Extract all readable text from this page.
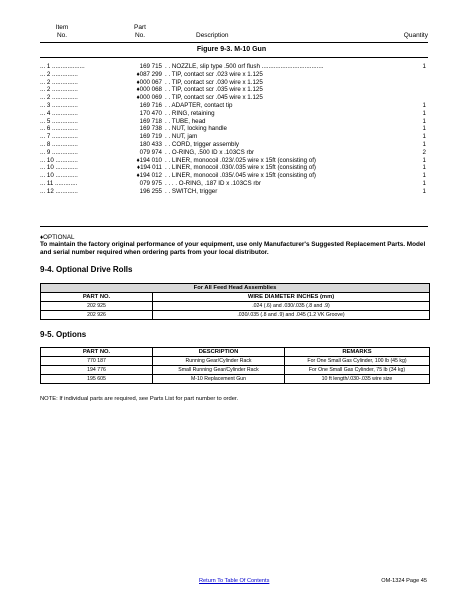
Item
No.
Part
No.	Description	Quantity
Figure 9-3. M-10 Gun
... 1 ...................	169 715 . . NOZZLE, slip type .500 orf flush ....................................	1
... 2 ...............	♦087 299 . . TIP, contact scr .023 wire x 1.125
... 2 ...............	♦000 067 . . TIP, contact scr .030 wire x 1.125
... 2 ...............	♦000 068 . . TIP, contact scr .035 wire x 1.125
... 2 ...............	♦000 069 . . TIP, contact scr .045 wire x 1.125
... 3 ...............	169 716 . . ADAPTER, contact tip	1
... 4 ...............	170 470 . . RING, retaining	1
... 5 ...............	169 718 . . TUBE, head	1
... 6 ...............	169 738 . . NUT, locking handle	1
... 7 ...............	169 719 . . NUT, jam	1
... 8 ...............	180 433 . . CORD, trigger assembly	1
... 9 ...............	079 974 . . O-RING, .500 ID x .103CS rbr	2
... 10 .............	♦194 010 . . LINER, monocoil .023/.025 wire x 15ft (consisting of)	1
... 10 .............	♦194 011 . . LINER, monocoil .030/.035 wire x 15ft (consisting of)	1
... 10 .............	♦194 012 . . LINER, monocoil .035/.045 wire x 15ft (consisting of)	1
... 11 .............	079 975 . . . . O-RING, .187 ID x .103CS rbr	1
... 12 .............	196 255 . . SWITCH, trigger	1
♦OPTIONAL
To maintain the factory original performance of your equipment, use only Manufacturer's Suggested Replacement Parts. Model and serial number required when ordering parts from your local distributor.
9-4. Optional Drive Rolls
For All Feed Head Assemblies	
PART NO.	WIRE DIAMETER INCHES (mm)
202 925	.024 (.6) and .030/.035 (.8 and .9)
202 926	.030/.035 (.8 and .9) and .045 (1.2 VK Groove)
9-5. Options
PART NO.	DESCRIPTION	REMARKS
770 187	Running Gear/Cylinder Rack	For One Small Gas Cylinder, 100 lb (45 kg)
194 776	Small Running Gear/Cylinder Rack	For One Small Gas Cylinder, 75 lb (34 kg)
195 605	M-10 Replacement Gun	10 ft length/.030-.035 wire size
NOTE: If individual parts are required, see Parts List for part number to order.
Return To Table Of Contents	OM-1324 Page 45
